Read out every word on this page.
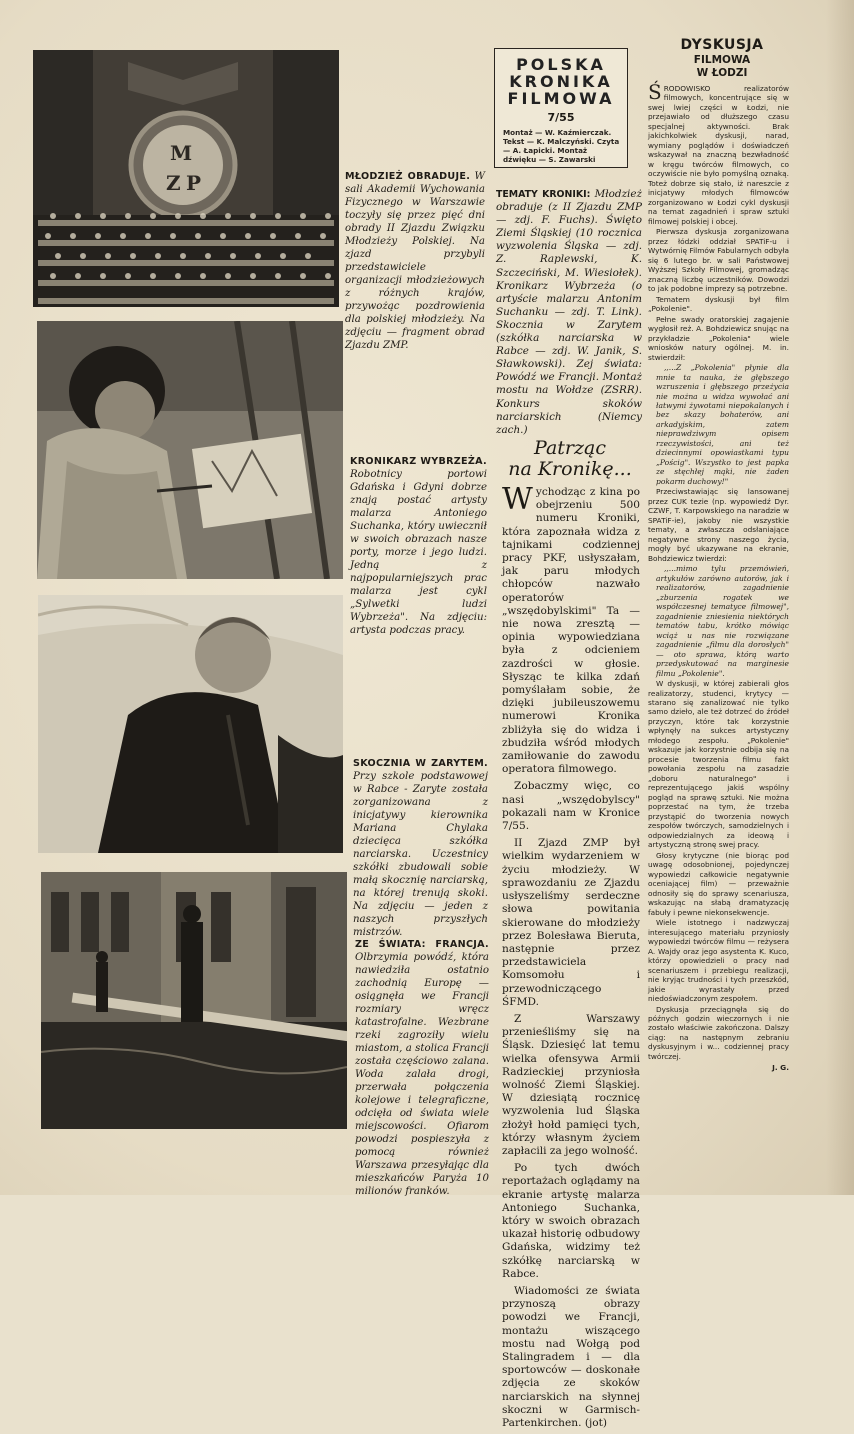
M
Z P	MŁODZIEŻ OBRADUJE. W sali Akademii Wychowania Fizycznego w Warszawie toczyły się przez pięć dni obrady II Zjazdu Związku Młodzieży Polskiej. Na zjazd przybyli przedstawiciele organizacji młodzieżowych z różnych krajów, przywożąc pozdrowienia dla polskiej młodzieży. Na zdjęciu — fragment obrad Zjazdu ZMP.
KRONIKARZ WYBRZEŻA. Robotnicy portowi Gdańska i Gdyni dobrze znają postać artysty malarza Antoniego Suchanka, który uwiecznił w swoich obrazach nasze porty, morze i jego ludzi. Jedną z najpopularniejszych prac malarza jest cykl „Sylwetki ludzi Wybrzeża". Na zdjęciu: artysta podczas pracy.
SKOCZNIA W ZARYTEM. Przy szkole podstawowej w Rabce - Zaryte została zorganizowana z inicjatywy kierownika Mariana Chylaka dziecięca szkółka narciarska. Uczestnicy szkółki zbudowali sobie małą skocznię narciarską, na której trenują skoki. Na zdjęciu — jeden z naszych przyszłych mistrzów.
ZE ŚWIATA: FRANCJA. Olbrzymia powódź, która nawiedziła ostatnio zachodnią Europę — osiągnęła we Francji rozmiary wręcz katastrofalne. Wezbrane rzeki zagroziły wielu miastom, a stolica Francji została częściowo zalana. Woda zalała drogi, przerwała połączenia kolejowe i telegraficzne, odcięła od świata wiele miejscowości. Ofiarom powodzi pospieszyła z pomocą również Warszawa przesyłając dla mieszkańców Paryża 10 milionów franków.
POLSKA
KRONIKA
FILMOWA
7/55
Montaż — W. Kaźmierczak. Tekst — K. Malczyński. Czyta — A. Łapicki. Montaż dźwięku — S. Zawarski
TEMATY KRONIKI: Młodzież obraduje (z II Zjazdu ZMP — zdj. F. Fuchs). Święto Ziemi Śląskiej (10 rocznica wyzwolenia Śląska — zdj. Z. Raplewski, K. Szczeciński, M. Wiesiołek). Kronikarz Wybrzeża (o artyście malarzu Antonim Suchanku — zdj. T. Link). Skocznia w Zarytem (szkółka narciarska w Rabce — zdj. W. Janik, S. Sławkowski). Zej świata: Powódź we Francji. Montaż mostu na Wołdze (ZSRR). Konkurs skoków narciarskich (Niemcy zach.)
Patrząc
na Kronikę...

Wychodząc z kina po obejrzeniu 500 numeru Kroniki, która zapoznała widza z tajnikami codziennej pracy PKF, usłyszałam, jak paru młodych chłopców nazwało operatorów „wszędobylskimi" Ta — nie nowa zresztą — opinia wypowiedziana była z odcieniem zazdrości w głosie. Słysząc te kilka zdań pomyślałam sobie, że dzięki jubileuszowemu numerowi Kronika zbliżyła się do widza i zbudziła wśród młodych zamiłowanie do zawodu operatora filmowego.

Zobaczmy więc, co nasi „wszędobylscy" pokazali nam w Kronice 7/55.

II Zjazd ZMP był wielkim wydarzeniem w życiu młodzieży. W sprawozdaniu ze Zjazdu usłyszeliśmy serdeczne słowa powitania skierowane do młodzieży przez Bolesława Bieruta, następnie przez przedstawiciela Komsomołu i przewodniczącego ŚFMD.

Z Warszawy przenieśliśmy się na Śląsk. Dziesięć lat temu wielka ofensywa Armii Radzieckiej przyniosła wolność Ziemi Śląskiej. W dziesiątą rocznicę wyzwolenia lud Śląska złożył hołd pamięci tych, którzy własnym życiem zapłacili za jego wolność.

Po tych dwóch reportażach oglądamy na ekranie artystę malarza Antoniego Suchanka, który w swoich obrazach ukazał historię odbudowy Gdańska, widzimy też szkółkę narciarską w Rabce.

Wiadomości ze świata przynoszą obrazy powodzi we Francji, montażu wiszącego mostu nad Wołgą pod Stalingradem i — dla sportowców — doskonałe zdjęcia ze skoków narciarskich na słynnej skoczni w Garmisch-Partenkirchen. (jot)

DYSKUSJA
FILMOWA
W ŁODZI

ŚRODOWISKO realizatorów filmowych, koncentrujące się w swej lwiej części w Łodzi, nie przejawiało od dłuższego czasu specjalnej aktywności. Brak jakichkolwiek dyskusji, narad, wymiany poglądów i doświadczeń wskazywał na znaczną bezwładność w kręgu twórców filmowych, co oczywiście nie było pomyślną oznaką. Toteż dobrze się stało, iż nareszcie z inicjatywy młodych filmowców zorganizowano w Łodzi cykl dyskusji na temat zagadnień i spraw sztuki filmowej polskiej i obcej.

Pierwsza dyskusja zorganizowana przez łódzki oddział SPATiF-u i Wytwórnię Filmów Fabularnych odbyła się 6 lutego br. w sali Państwowej Wyższej Szkoły Filmowej, gromadząc znaczną liczbę uczestników. Dowodzi to jak podobne imprezy są potrzebne.

Tematem dyskusji był film „Pokolenie".

Pełne swady oratorskiej zagajenie wygłosił reż. A. Bohdziewicz snując na przykładzie „Pokolenia" wiele wniosków natury ogólnej. M. in. stwierdził:

,,...Z „Pokolenia" płynie dla mnie ta nauka, że głębszego wzruszenia i głębszego przeżycia nie można u widza wywołać ani łatwymi żywotami niepokalanych i bez skazy bohaterów, ani arkadyjskim, zatem nieprawdziwym opisem rzeczywistości, ani też dziecinnymi opowiastkami typu „Pościg". Wszystko to jest papka ze stęchłej mąki, nie żaden pokarm duchowy!"

Przeciwstawiając się lansowanej przez CUK tezie (np. wypowiedź Dyr. CZWF, T. Karpowskiego na naradzie w SPATiF-ie), jakoby nie wszystkie tematy, a zwłaszcza odsłaniające negatywne strony naszego życia, mogły być ukazywane na ekranie, Bohdziewicz twierdzi:

,,...mimo tylu przemówień, artykułów zarówno autorów, jak i realizatorów, zagadnienie „zburzenia rogatek we współczesnej tematyce filmowej", zagadnienie zniesienia niektórych tematów tabu, krótko mówiąc wciąż u nas nie rozwiązane zagadnienie „filmu dla dorosłych" — oto sprawa, którą warto przedyskutować na marginesie filmu „Pokolenie".

W dyskusji, w której zabierali głos realizatorzy, studenci, krytycy — starano się zanalizować nie tylko samo dzieło, ale też dotrzeć do źródeł przyczyn, które tak korzystnie wpłynęły na sukces artystyczny młodego zespołu. „Pokolenie" wskazuje jak korzystnie odbija się na procesie tworzenia filmu fakt powołania zespołu na zasadzie „doboru naturalnego" i reprezentującego jakiś wspólny pogląd na sprawę sztuki. Nie można poprzestać na tym, że trzeba przystąpić do tworzenia nowych zespołów twórczych, samodzielnych i odpowiedzialnych za ideową i artystyczną stronę swej pracy.

Głosy krytyczne (nie biorąc pod uwagę odosobnionej, pojedynczej wypowiedzi całkowicie negatywnie oceniającej film) — przeważnie odnosiły się do sprawy scenariusza, wskazując na słabą dramatyzację fabuły i pewne niekonsekwencje.

Wiele istotnego i nadzwyczaj interesującego materiału przyniosły wypowiedzi twórców filmu — reżysera A. Wajdy oraz jego asystenta K. Kuco, którzy opowiedzieli o pracy nad scenariuszem i przebiegu realizacji, nie kryjąc trudności i tych przeszkód, jakie wyrastały przed niedoświadczonym zespołem.

Dyskusja przeciągnęła się do późnych godzin wieczornych i nie zostało właściwie zakończona. Dalszy ciąg: na następnym zebraniu dyskusyjnym i w... codziennej pracy twórczej.

J. G.
